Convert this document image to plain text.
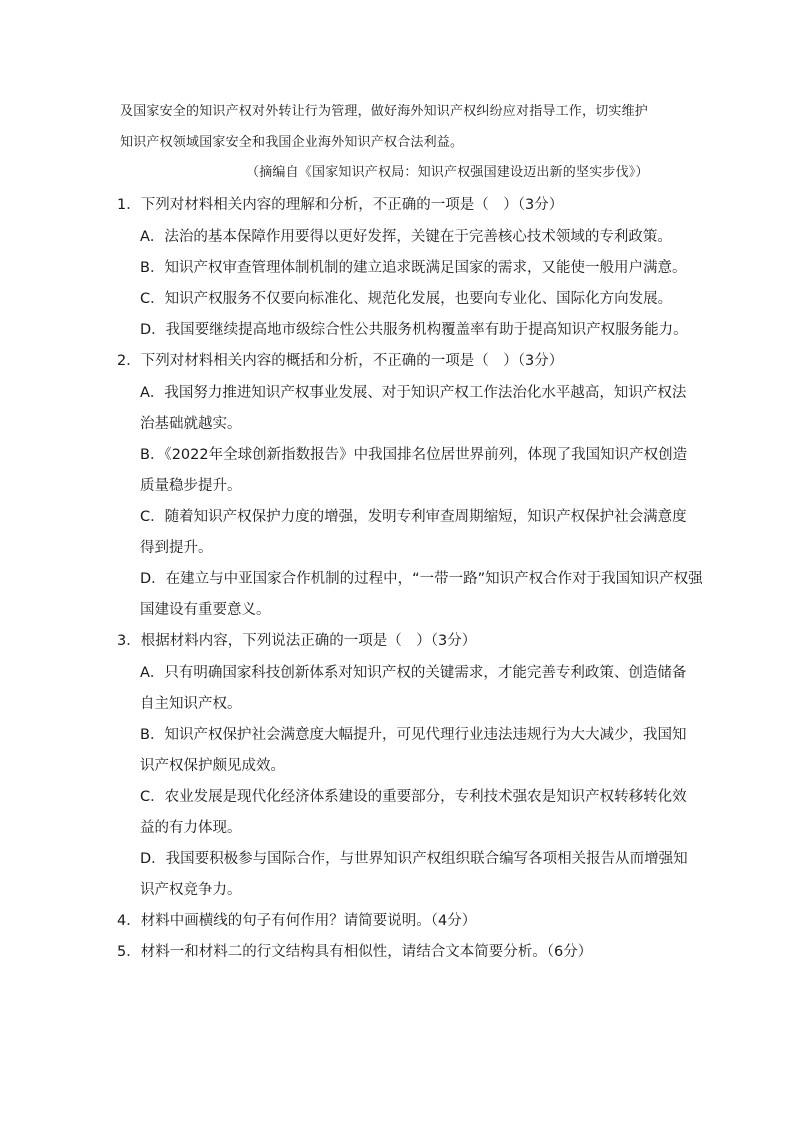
及国家安全的知识产权对外转让行为管理，做好海外知识产权纠纷应对指导工作，切实维护
知识产权领域国家安全和我国企业海外知识产权合法利益。
（摘编自《国家知识产权局：知识产权强国建设迈出新的坚实步伐》）
1．下列对材料相关内容的理解和分析，不正确的一项是（　）（3分）
A．法治的基本保障作用要得以更好发挥，关键在于完善核心技术领域的专利政策。
B．知识产权审查管理体制机制的建立追求既满足国家的需求，又能使一般用户满意。
C．知识产权服务不仅要向标准化、规范化发展，也要向专业化、国际化方向发展。
D．我国要继续提高地市级综合性公共服务机构覆盖率有助于提高知识产权服务能力。
2．下列对材料相关内容的概括和分析，不正确的一项是（　）（3分）
A．我国努力推进知识产权事业发展、对于知识产权工作法治化水平越高，知识产权法
治基础就越实。
B．《2022年全球创新指数报告》中我国排名位居世界前列，体现了我国知识产权创造
质量稳步提升。
C．随着知识产权保护力度的增强，发明专利审查周期缩短，知识产权保护社会满意度
得到提升。
D．在建立与中亚国家合作机制的过程中，“一带一路”知识产权合作对于我国知识产权强
国建设有重要意义。
3．根据材料内容，下列说法正确的一项是（　）（3分）
A．只有明确国家科技创新体系对知识产权的关键需求，才能完善专利政策、创造储备
自主知识产权。
B．知识产权保护社会满意度大幅提升，可见代理行业违法违规行为大大减少，我国知
识产权保护颇见成效。
C．农业发展是现代化经济体系建设的重要部分，专利技术强农是知识产权转移转化效
益的有力体现。
D．我国要积极参与国际合作，与世界知识产权组织联合编写各项相关报告从而增强知
识产权竞争力。
4．材料中画横线的句子有何作用？请简要说明。（4分）
5．材料一和材料二的行文结构具有相似性，请结合文本简要分析。（6分）
